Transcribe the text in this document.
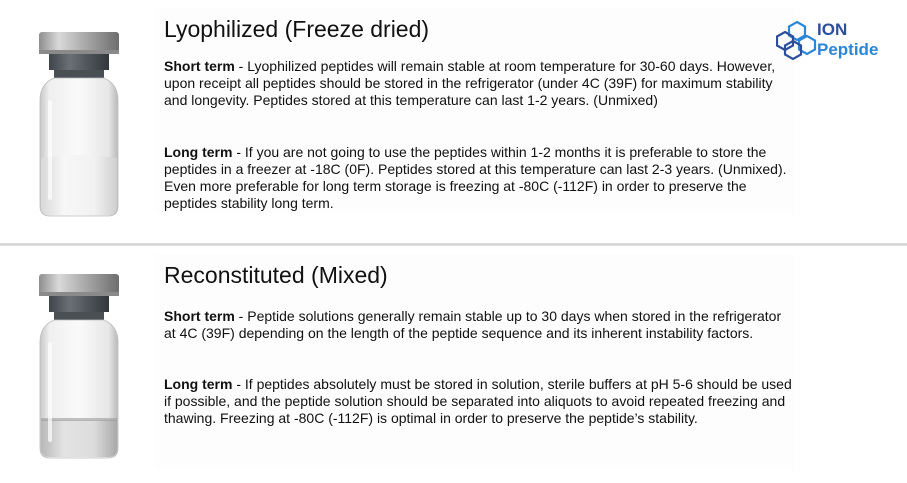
Lyophilized (Freeze dried)

Short term - Lyophilized peptides will remain stable at room temperature for 30-60 days. However, upon receipt all peptides should be stored in the refrigerator (under 4C (39F) for maximum stability and longevity. Peptides stored at this temperature can last 1-2 years. (Unmixed)

Long term - If you are not going to use the peptides within 1-2 months it is preferable to store the peptides in a freezer at -18C (0F). Peptides stored at this temperature can last 2-3 years. (Unmixed). Even more preferable for long term storage is freezing at -80C (-112F) in order to preserve the peptides stability long term.

ION
Peptide
Reconstituted (Mixed)

Short term - Peptide solutions generally remain stable up to 30 days when stored in the refrigerator at 4C (39F) depending on the length of the peptide sequence and its inherent instability factors.

Long term - If peptides absolutely must be stored in solution, sterile buffers at pH 5-6 should be used if possible, and the peptide solution should be separated into aliquots to avoid repeated freezing and thawing. Freezing at -80C (-112F) is optimal in order to preserve the peptide’s stability.
